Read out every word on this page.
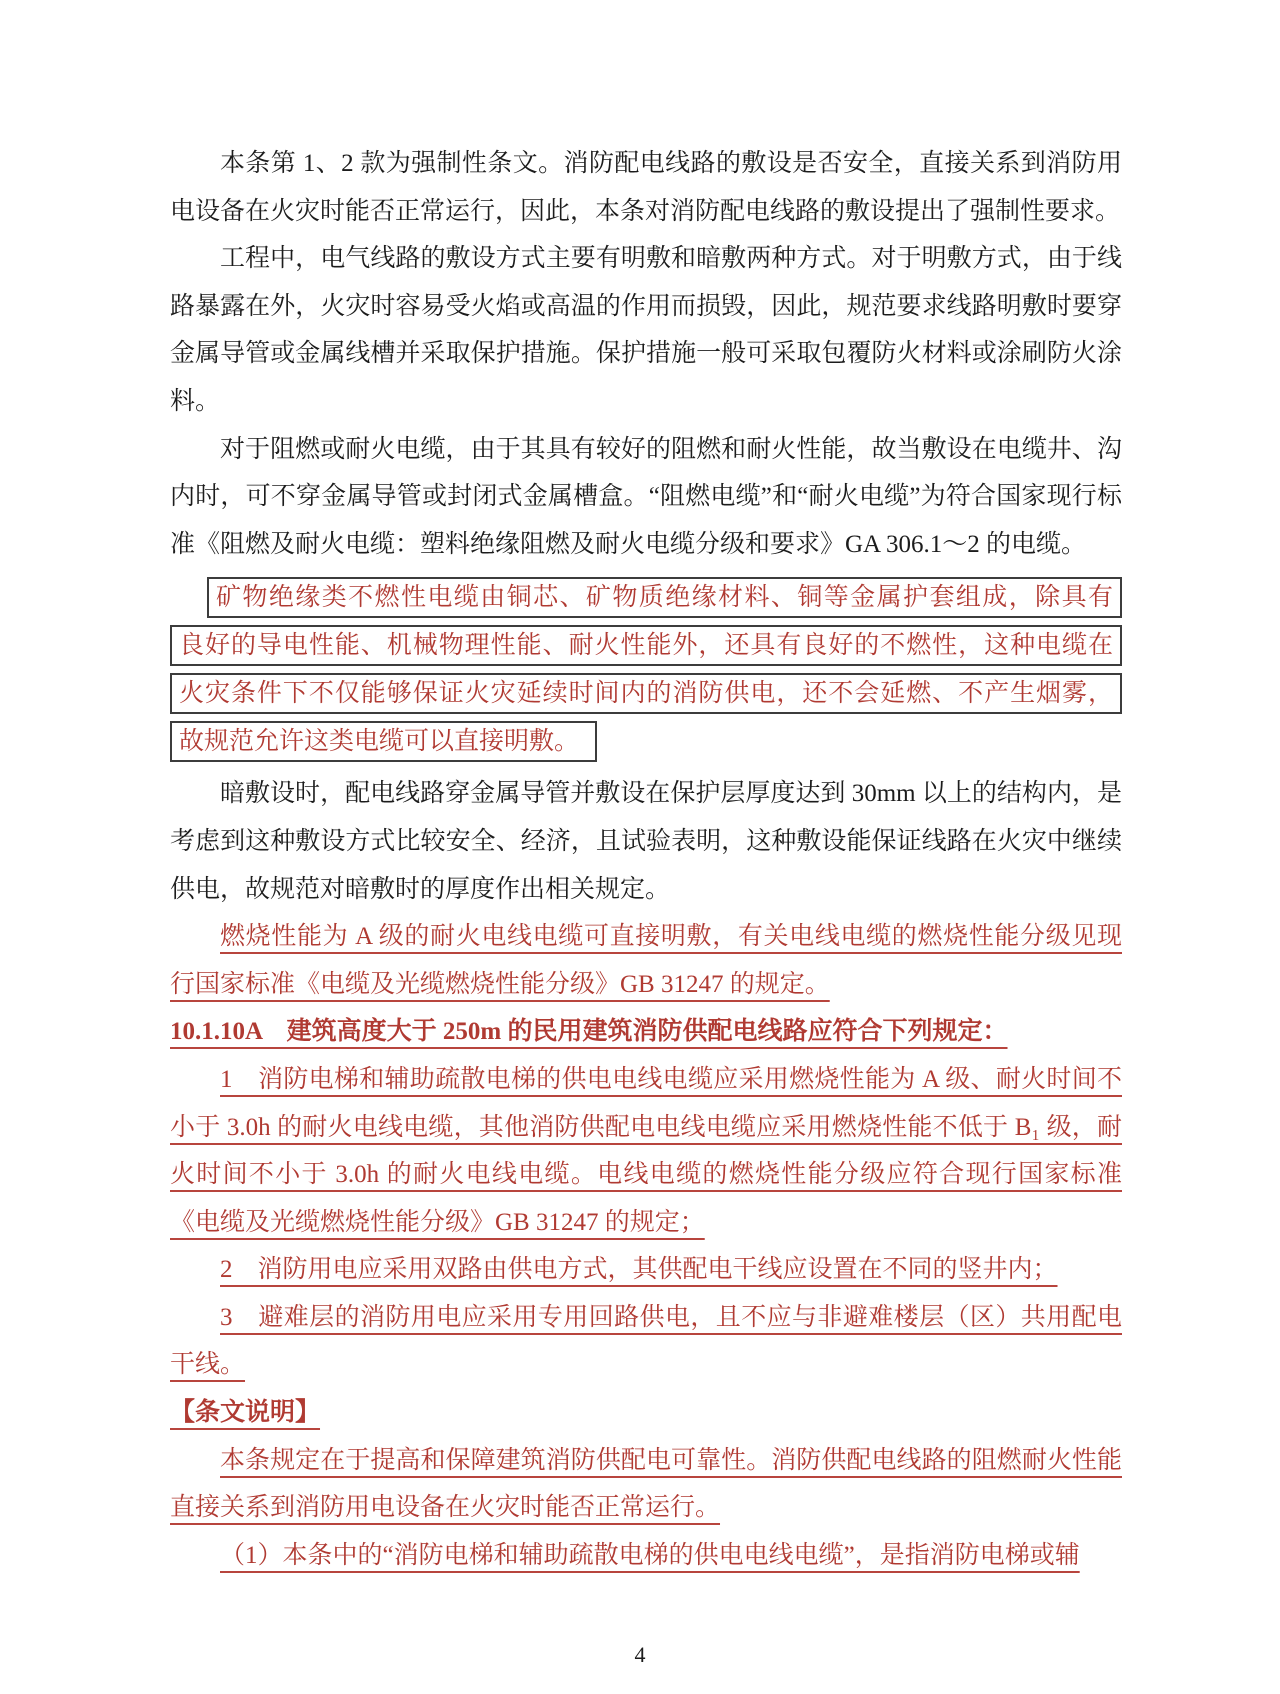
本条第 1、2 款为强制性条文。消防配电线路的敷设是否安全，直接关系到消防用电设备在火灾时能否正常运行，因此，本条对消防配电线路的敷设提出了强制性要求。

工程中，电气线路的敷设方式主要有明敷和暗敷两种方式。对于明敷方式，由于线路暴露在外，火灾时容易受火焰或高温的作用而损毁，因此，规范要求线路明敷时要穿金属导管或金属线槽并采取保护措施。保护措施一般可采取包覆防火材料或涂刷防火涂料。

对于阻燃或耐火电缆，由于其具有较好的阻燃和耐火性能，故当敷设在电缆井、沟内时，可不穿金属导管或封闭式金属槽盒。“阻燃电缆”和“耐火电缆”为符合国家现行标准《阻燃及耐火电缆：塑料绝缘阻燃及耐火电缆分级和要求》GA 306.1～2 的电缆。

矿物绝缘类不燃性电缆由铜芯、矿物质绝缘材料、铜等金属护套组成，除具有
良好的导电性能、机械物理性能、耐火性能外，还具有良好的不燃性，这种电缆在
火灾条件下不仅能够保证火灾延续时间内的消防供电，还不会延燃、不产生烟雾，
故规范允许这类电缆可以直接明敷。

暗敷设时，配电线路穿金属导管并敷设在保护层厚度达到 30mm 以上的结构内，是考虑到这种敷设方式比较安全、经济，且试验表明，这种敷设能保证线路在火灾中继续供电，故规范对暗敷时的厚度作出相关规定。

燃烧性能为 A 级的耐火电线电缆可直接明敷，有关电线电缆的燃烧性能分级见现行国家标准《电缆及光缆燃烧性能分级》GB 31247 的规定。

10.1.10A　建筑高度大于 250m 的民用建筑消防供配电线路应符合下列规定：

1　消防电梯和辅助疏散电梯的供电电线电缆应采用燃烧性能为 A 级、耐火时间不小于 3.0h 的耐火电线电缆，其他消防供配电电线电缆应采用燃烧性能不低于 B₁ 级，耐火时间不小于 3.0h 的耐火电线电缆。电线电缆的燃烧性能分级应符合现行国家标准《电缆及光缆燃烧性能分级》GB 31247 的规定；

2　消防用电应采用双路由供电方式，其供配电干线应设置在不同的竖井内；

3　避难层的消防用电应采用专用回路供电，且不应与非避难楼层（区）共用配电干线。

【条文说明】

本条规定在于提高和保障建筑消防供配电可靠性。消防供配电线路的阻燃耐火性能直接关系到消防用电设备在火灾时能否正常运行。

（1）本条中的“消防电梯和辅助疏散电梯的供电电线电缆”，是指消防电梯或辅

4
